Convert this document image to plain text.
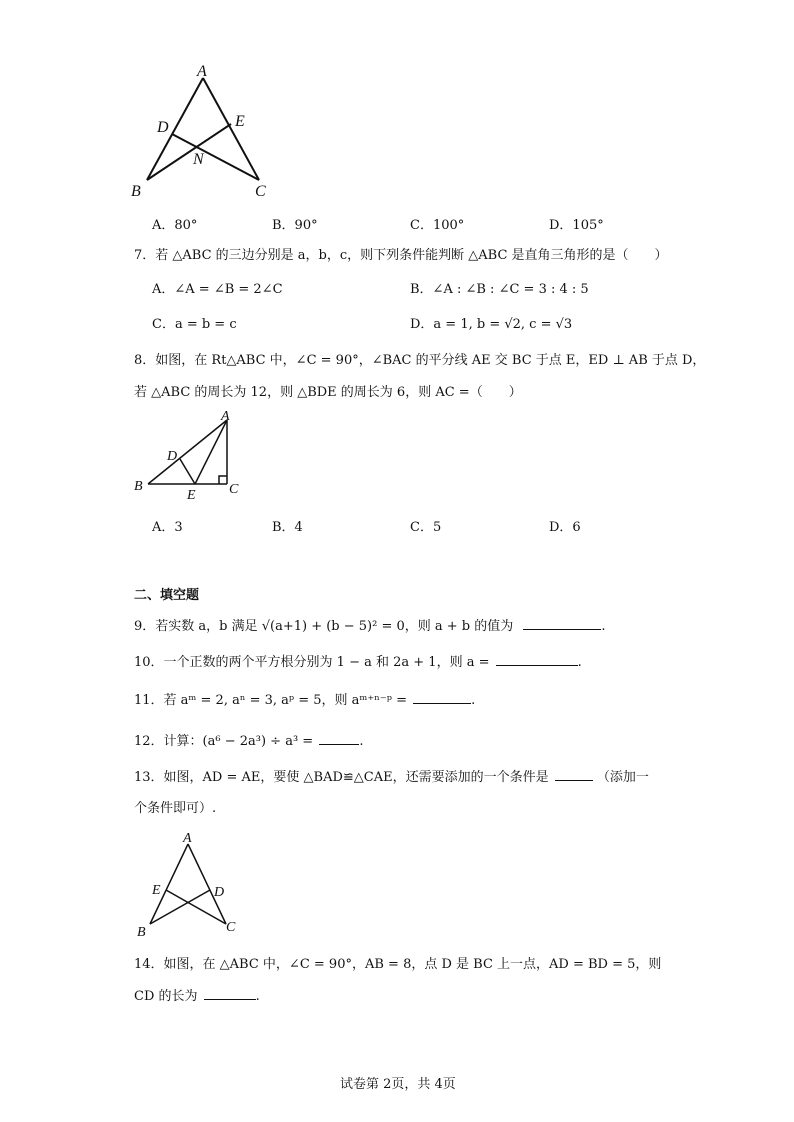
A
D	E
N
B	C
A．80°	B．90°	C．100°	D．105°
7．若 △ABC 的三边分别是 a，b，c，则下列条件能判断 △ABC 是直角三角形的是（　　）
A．∠A = ∠B = 2∠C	B．∠A : ∠B : ∠C = 3 : 4 : 5
C．a = b = c	D．a = 1, b = √2, c = √3
8．如图，在 Rt△ABC 中，∠C = 90°，∠BAC 的平分线 AE 交 BC 于点 E，ED ⊥ AB 于点 D，
若 △ABC 的周长为 12，则 △BDE 的周长为 6，则 AC =（　　）
A
D
B
E C
A．3	B．4	C．5	D．6
二、填空题
9．若实数 a，b 满足 √(a+1) + (b − 5)² = 0，则 a + b 的值为	.
10．一个正数的两个平方根分别为 1 − a 和 2a + 1，则 a =	.
11．若 aᵐ = 2, aⁿ = 3, aᵖ = 5，则 aᵐ⁺ⁿ⁻ᵖ =	.
12．计算：(a⁶ − 2a³) ÷ a³ =	.
13．如图，AD = AE，要使 △BAD≌△CAE，还需要添加的一个条件是	（添加一
个条件即可）.
A
E	D
B	C
14．如图，在 △ABC 中，∠C = 90°，AB = 8，点 D 是 BC 上一点，AD = BD = 5，则
CD 的长为	.
试卷第 2页，共 4页
